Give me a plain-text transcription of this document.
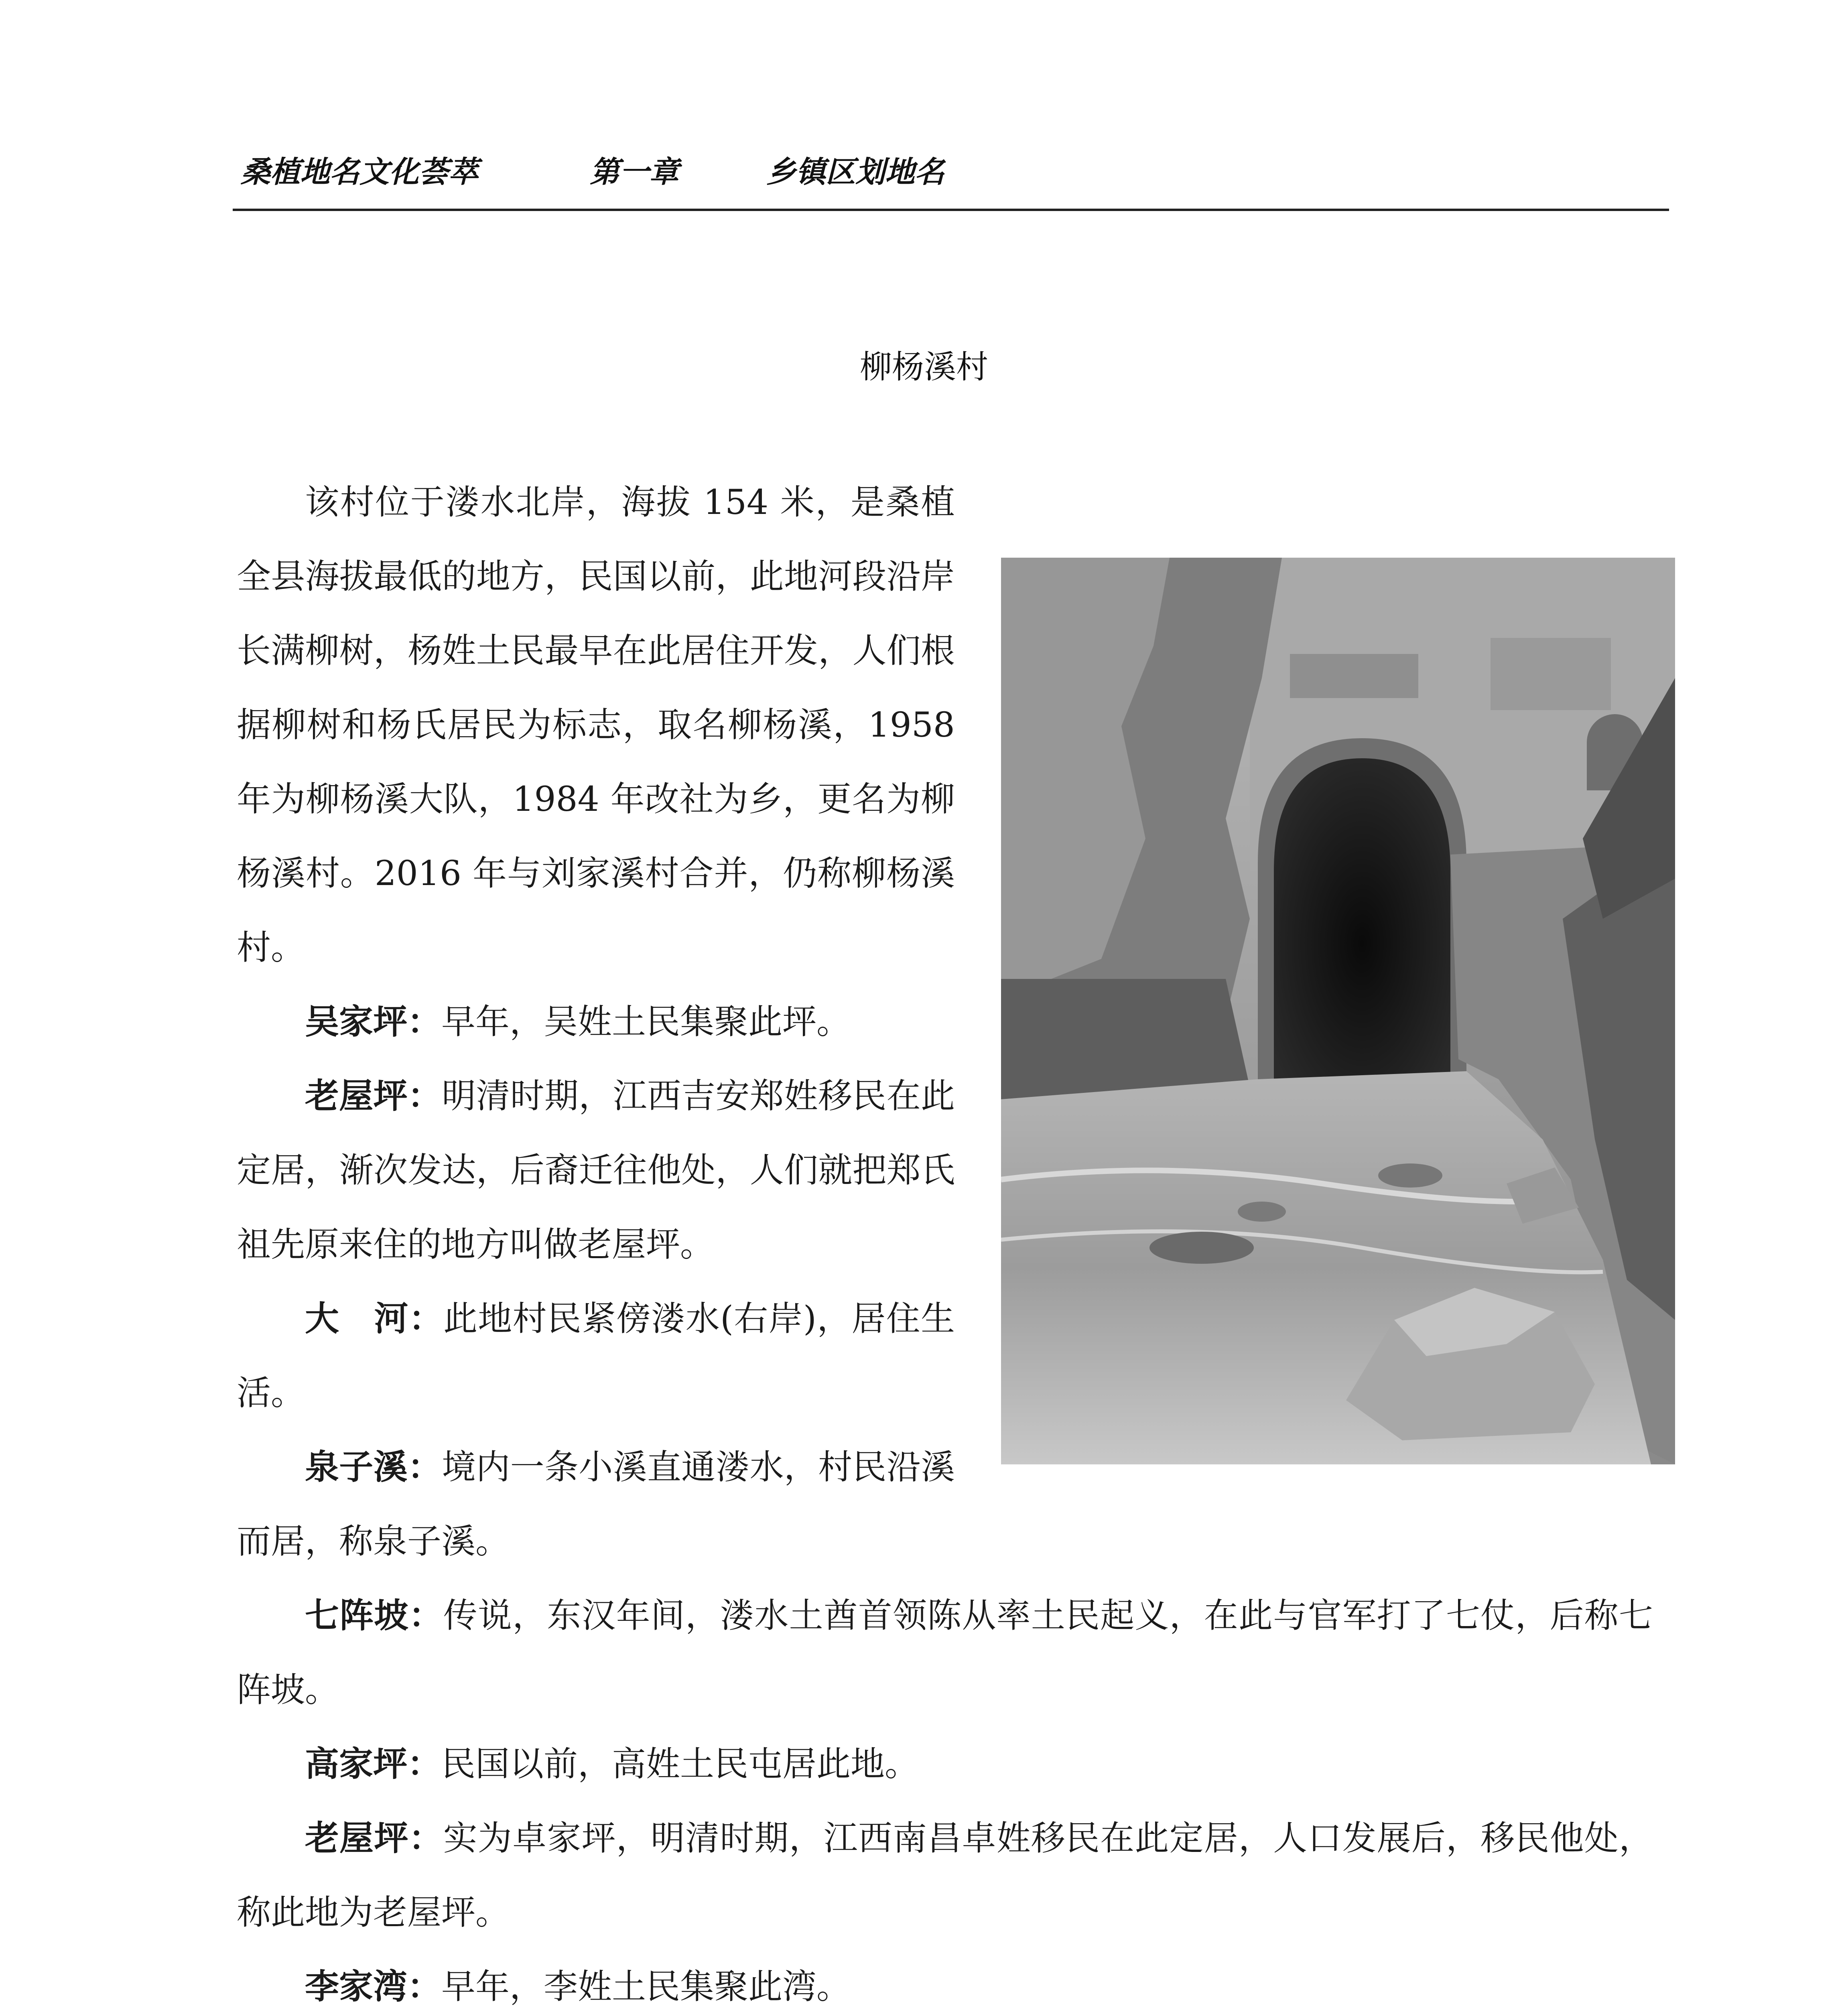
桑植地名文化荟萃	第一章	乡镇区划地名
柳杨溪村

该村位于溇水北岸，海拔 154 米，是桑植全县海拔最低的地方，民国以前，此地河段沿岸长满柳树，杨姓土民最早在此居住开发，人们根据柳树和杨氏居民为标志，取名柳杨溪，1958 年为柳杨溪大队，1984 年改社为乡，更名为柳杨溪村。2016 年与刘家溪村合并，仍称柳杨溪村。

吴家坪：早年，吴姓土民集聚此坪。

老屋坪：明清时期，江西吉安郑姓移民在此定居，渐次发达，后裔迁往他处，人们就把郑氏祖先原来住的地方叫做老屋坪。

大　河：此地村民紧傍溇水(右岸)，居住生活。

泉子溪：境内一条小溪直通溇水，村民沿溪而居，称泉子溪。

七阵坡：传说，东汉年间，溇水土酋首领陈从率土民起义，在此与官军打了七仗，后称七阵坡。

高家坪：民国以前，高姓土民屯居此地。

老屋坪：实为卓家坪，明清时期，江西南昌卓姓移民在此定居，人口发展后，移民他处，称此地为老屋坪。

李家湾：早年，李姓土民集聚此湾。
